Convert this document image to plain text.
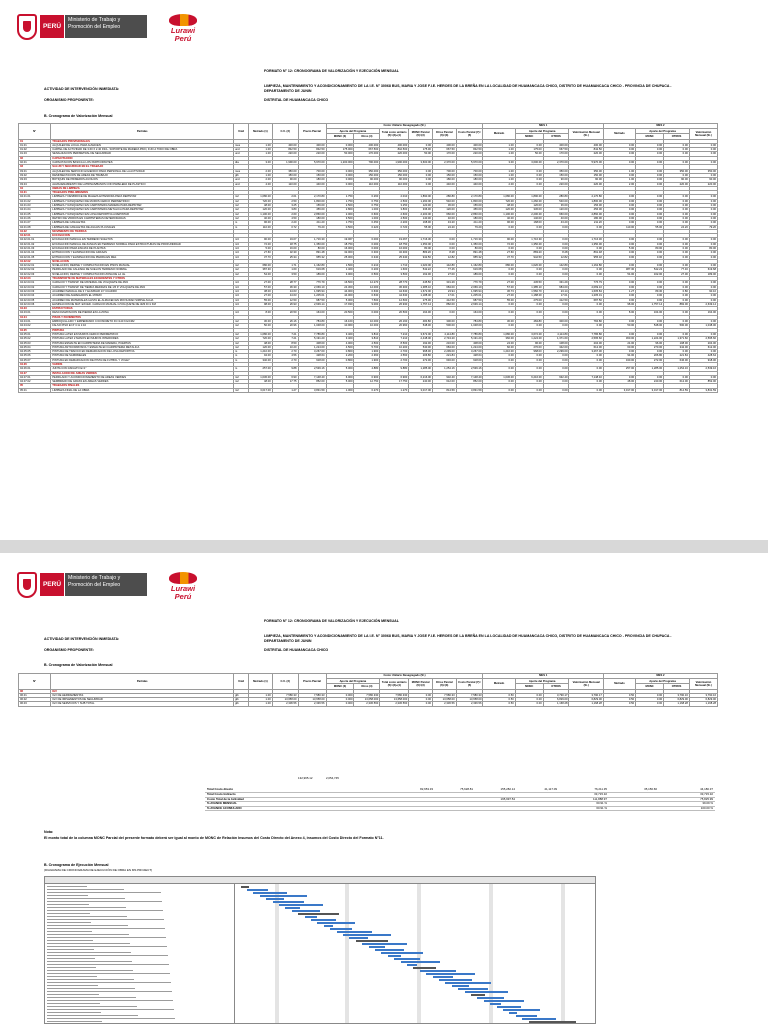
PERÚ
Ministerio de Trabajo y Promoción del Empleo	Lurawi
Perú
FORMATO N° 12: CRONOGRAMA DE VALORIZACIÓN Y EJECUCIÓN MENSUAL
ACTIVIDAD DE INTERVENCIÓN INMEDIATA:
LIMPIEZA, MANTENIMIENTO Y ACONDICIONAMIENTO DE LA I.E. N° 30068 BUS, MARIA Y JOSE F.I.E. HEROES DE LA BREÑA EN LA LOCALIDAD DE HUAMANCACA CHICO, DISTRITO DE HUAMANCACA CHICO - PROVINCIA DE CHUPACA - DEPARTAMENTO DE JUNIN
ORGANISMO PROPONENTE:	DISTRITAL DE HUAMANCACA CHICO
B. Cronograma de Valorización Mensual
N°	Partidas	Unid	Metrado (1)	C.U. (2)	Precio Parcial	Costo Unitario Desagregado (S/.)						MES 1				MES 2			
						Aporte del Programa		Total costo unitario (5)=(3)+(4)	MONC Parcial (6)=(3)	Otros Parcial (6)=(3)	Costo Parcial (7)=(5)	Metrado	Aporte del Programa		Valorización Mensual (S/.)	Metrado	Aporte del Programa		Valorización Mensual (S/.)
						MONC (3)	Otros (4)						MONC	OTROS			MONC	OTROS	
01	TRABAJOS PROVISIONALES																		
01.01	ALQUILER DE LOCAL PARA ALMACEN	mes	1.00	400.00	400.00	0.000	400.000	400.000	0.00	400.00	400.00	1.00	0.00	400.00	400.00	0.00	0.00	0.00	0.00
01.02	CARTEL DE ACTIVIDAD DE 3.60 X 2.40 INCL. SOPORTE DE MADERA PINO, FIJO A TODO DE OBRA	und	1.00	842.50	842.50	175.000	667.500	842.500	175.00	667.50	842.50	1.00	175.00	667.50	842.50	0.00	0.00	0.00	0.00
01.03	SEÑALIZACIÓN PERIMETRAL DE SEGURIDAD	und	1.00	220.00	220.00	50.000	170.000	220.000	50.00	170.00	220.00	1.00	50.00	170.00	220.00	0.00	0.00	0.00	0.00
02	CAPACITACIÓN																		
02.01	CAPACITACIÓN BÁSICA A LOS PARTICIPANTES	día	3.00	1,990.00	5,970.00	1,200.000	790.000	1,990.000	3,600.00	2,370.00	5,970.00	3.00	3,600.00	2,370.00	5,970.00	0.00	0.00	0.00	0.00
03	SALUD Y SEGURIDAD EN EL TRABAJO																		
03.01	ALQUILER DE SERVICIO HIGIENICO PARA PERSONAL DE LA ACTIVIDAD	mes	2.00	350.00	700.00	0.000	350.000	350.000	0.00	700.00	700.00	1.00	0.00	350.00	350.00	1.00	0.00	350.00	350.00
03.02	DESINSECTACIÓN DE ÁREAS DE TRABAJO	glb	1.00	150.00	150.00	0.000	150.000	150.000	0.00	150.00	150.00	1.00	0.00	150.00	150.00	0.00	0.00	0.00	0.00
03.03	BOTIQUÍN DE PRIMEROS AUXILIOS	und	2.00	90.00	180.00	0.000	90.000	90.000	0.00	180.00	180.00	1.00	0.00	90.00	90.00	1.00	0.00	90.00	90.00
03.04	ALMACENAMIENTO DE LATRINAS/BAÑOS CON PAPELERA DE PLÁSTICO	und	4.00	110.00	440.00	0.000	110.000	110.000	0.00	440.00	440.00	2.00	0.00	220.00	220.00	2.00	0.00	220.00	220.00
04	OBRAS DE LIMPIEZA																		
04.01	TRABAJOS PRELIMINARES																		
04.01.01	LIMPIEZA Y DESBROCE DE MALEZA EXTENDIDA PARA REPINTAR	m2	1,080.00	2.01	2,170.80	1.750	0.260	2.010	1,890.00	280.80	2,170.80	1,080.00	1,890.00	280.80	2,170.80	0.00	0.00	0.00	0.00
04.01.02	LIMPIEZA Y RASQUETEO DE MUROS CERCO PERIMETRICO	m2	720.00	2.50	1,800.00	1.750	0.750	2.500	1,260.00	540.00	1,800.00	720.00	1,260.00	540.00	1,800.00	0.00	0.00	0.00	0.00
04.01.03	LIMPIEZA Y RASQUETEO EN CARPINTERÍA MADERA PARA REPINTAR	m2	48.00	3.25	156.00	2.500	0.750	3.250	120.00	36.00	156.00	48.00	120.00	36.00	156.00	0.00	0.00	0.00	0.00
04.01.04	LIMPIEZA Y RASQUETEO EN CARPINTERÍA METÁLICA PARA REPINTAR	m2	120.00	3.80	456.00	2.800	1.000	3.800	336.00	120.00	456.00	120.00	336.00	120.00	456.00	0.00	0.00	0.00	0.00
04.01.05	LIMPIEZA Y RASQUETEO EN LOSA DEPORTIVA A REPINTAR	m2	1,100.00	2.60	2,860.00	2.000	0.600	2.600	2,200.00	660.00	2,860.00	1,100.00	2,200.00	660.00	2,860.00	0.00	0.00	0.00	0.00
04.01.06	RETIRO DE VIDRIOS EN CARPINTERÍAS DETERIORADAS	m2	40.00	4.50	180.00	3.500	1.000	4.500	140.00	40.00	180.00	40.00	140.00	40.00	180.00	0.00	0.00	0.00	0.00
04.01.07	LIMPIEZA DE CANALETAS	m	96.00	2.20	211.20	1.750	0.450	2.200	168.00	43.20	211.20	96.00	168.00	43.20	211.20	0.00	0.00	0.00	0.00
04.01.08	LIMPIEZA DE CANALETAS DE AGUAS PLUVIALES	m	110.00	0.72	79.20	0.500	0.220	0.720	55.00	24.20	79.20	0.00	0.00	0.00	0.00	110.00	55.00	24.20	79.20
04.02	MOVIMIENTO DE TIERRAS																		
04.02.01	EXCAVACIÓN																		
04.02.01.01	EXCAVACIÓN MANUAL EN TERRENO SUELTOS	m3	90.00	19.07	1,716.30	19.067	0.000	19.067	1,716.30	0.00	1,716.30	90.00	1,716.30	0.00	1,716.30	0.00	0.00	0.00	0.00
04.02.01.02	EXCAVACIÓN MANUAL DE ZANJAS EN TERRENO NORMAL PARA ESTRUCTURAS DE PROFUNDIDAD	m3	72.00	18.75	1,350.00	18.750	0.000	18.750	1,350.00	0.00	1,350.00	72.00	1,350.00	0.00	1,350.00	0.00	0.00	0.00	0.00
04.02.01.03	EXCAVACIÓN PARA ZANJAS DE PLANTAS	m3	5.00	16.00	80.00	16.000	0.000	16.000	80.00	0.00	80.00	0.00	0.00	0.00	0.00	5.00	80.00	0.00	80.00
04.02.01.04	EXTRACCIÓN Y ELIMINACIÓN DE GRASAS	m3	27.60	32.30	891.48	32.000	0.300	32.300	883.20	8.28	891.48	27.60	883.20	8.28	891.48	0.00	0.00	0.00	0.00
04.02.01.05	EXTRACCIÓN Y ELIMINACIÓN DE PIEDRA EN MEJ.	m3	37.70	25.34	955.32	25.000	0.340	25.340	942.50	12.82	955.32	37.70	942.50	12.82	955.32	0.00	0.00	0.00	0.00
04.02.02	NIVELACIÓN																		
04.02.02.01	NIVELACIÓN, REFINE Y COMPACTACIÓN EN PISOS MANUAL	m2	680.00	1.71	1,162.80	1.500	0.210	1.710	1,020.00	142.80	1,162.80	680.00	1,020.00	142.80	1,162.80	0.00	0.00	0.00	0.00
04.02.02.02	PERFILADO DE CALZADA DE SUELOS TERRENO NORMAL	m2	387.30	1.60	619.68	1.400	0.200	1.600	542.22	77.46	619.68	0.00	0.00	0.00	0.00	387.30	542.22	77.46	619.68
04.02.02.03	NIVELACIÓN, REFINE Y COMPACTACIÓN ZONA DE LA I.E.	m2	54.00	3.50	189.00	3.000	0.500	3.500	162.00	27.00	189.00	0.00	0.00	0.00	0.00	54.00	162.00	27.00	189.00
04.02.03	TRANSPORTE DE MATERIALES EXCEDENTES Y OTROS																		
04.02.03.01	CARGUÍO Y TRANSP. DE MATERIAL DE VOLQUETE DE 4M3	m3	27.00	28.77	776.79	16.500	12.270	28.770	445.50	331.29	776.79	27.00	445.50	331.29	776.79	0.00	0.00	0.00	0.00
04.02.03.02	CARGUÍO Y TRANSP. DE TIERRA MEDIDAS DE 1/5 P. VOLQUETE DE 4M3	m3	57.00	36.30	2,069.10	24.300	12.000	36.300	1,385.10	684.00	2,069.10	57.00	1,385.10	684.00	2,069.10	0.00	0.00	0.00	0.00
04.02.03.03	ACARREO MANUAL DE 3 Y ELIMINAR 1/7 CUADRO	m3	38.00	44.63	1,695.94	44.000	0.630	44.630	1,672.00	23.94	1,695.94	36.73	1,582.70	23.14	1,605.84	1.27	89.30	0.80	90.10
04.02.03.04	ACARREO DE AGREGADOS EL MISMO	m3	27.00	44.63	1,205.01	44.000	0.630	44.630	1,188.00	17.01	1,205.01	27.00	1,188.00	17.01	1,205.01	0.00	0.00	0.00	0.00
04.02.03.05	ACARREO DE MATERIALES HASTA EL ALMACÉN EN MOVILIDAD SIMPLE AGUA	m3	55.00	12.50	687.50	5.000	7.500	12.500	275.00	412.50	687.50	55.00	275.00	412.50	687.50	0.00	0.00	0.00	0.00
04.02.03.06	ELIMINACIÓN DE MAT. EXCED. CARGUÍO MANUAL C/VOLQUETE DE 4M3 D=1 KM	m3	98.00	26.93	2,639.14	17.930	9.000	26.930	1,757.14	882.00	2,639.14	0.00	0.00	0.00	0.00	98.00	1,757.14	882.00	2,639.14
04.03	ESTRUCTURAS																		
04.03.01	DESCOLMATACIÓN DE PIEDRA EN LA ZONA	m3	8.00	20.50	164.00	20.500	0.000	20.500	164.00	0.00	164.00	0.00	0.00	0.00	0.00	8.00	164.00	0.00	164.00
04.04	PISOS Y PAVIMENTOS																		
04.04.01	EMBOQUILLADO Y EMPEDRADO C/CONCRETO FC=140 KG/CM2	m2	30.00	26.16	784.80	16.160	10.000	26.160	484.80	300.00	784.80	30.00	484.80	300.00	784.80	0.00	0.00	0.00	0.00
04.04.02	FALSO PISO E=4" C:H 1:10	m2	50.00	20.96	1,048.00	10.960	10.000	20.960	548.00	500.00	1,048.00	0.00	0.00	0.00	0.00	50.00	548.00	500.00	1,048.00
04.05	PINTURA																		
04.05.01	PINTURA LÁTEX EN MUROS CERCO PERIMETRICO	m2	1,080.00	7.21	7,786.80	3.400	3.810	7.210	3,672.00	4,114.80	7,786.80	1,080.00	3,672.00	4,114.80	7,786.80	0.00	0.00	0.00	0.00
04.05.02	PINTURA LÁTEX 2 MANOS EN MUROS INTERIORES	m2	720.00	7.21	5,191.20	3.400	3.810	7.210	2,448.00	2,743.20	5,191.20	360.00	1,224.00	1,371.60	2,595.60	360.00	1,224.00	1,371.60	2,595.60
04.05.03	PINTURA ESMALTE EN CARPINTERÍA DE MADERA, PUERTAS	m2	48.00	8.50	408.00	4.000	4.500	8.500	192.00	216.00	408.00	24.00	96.00	108.00	204.00	24.00	96.00	108.00	204.00
04.05.04	PINTURA ANTICORROSIVA Y ESMALTE EN CARPINTERÍA METÁLICA	m2	120.00	10.20	1,224.00	4.500	5.700	10.200	540.00	684.00	1,224.00	60.00	270.00	342.00	612.00	60.00	270.00	342.00	612.00
04.05.05	PINTURA DE TRÁFICO EN DEMARCACIÓN DE LOSA DEPORTIVA	m	1,210.00	2.70	3,267.00	0.800	1.900	2.700	968.00	2,299.00	3,267.00	1,210.00	968.00	2,299.00	3,267.00	0.00	0.00	0.00	0.00
04.05.06	PINTURA DE SARDINELES	m	94.00	4.56	428.64	2.200	2.360	4.560	206.80	221.84	428.64	0.00	0.00	0.00	0.00	94.00	206.80	221.84	428.64
04.05.07	PINTURA EN DEMARCACIÓN DE PISTA DE FÚTBOL Y VÓLEY	m	340.00	2.70	918.00	0.800	1.900	2.700	272.00	646.00	918.00	0.00	0.00	0.00	0.00	340.00	272.00	646.00	918.00
04.06	VARIOS																		
04.06.01	JUNTA CON ASFALTO E=1"	m	257.00	9.88	2,539.16	5.000	4.880	9.880	1,285.00	1,254.16	2,539.16	0.00	0.00	0.00	0.00	257.00	1,285.00	1,254.16	2,539.16
04.07	INSTALACIÓN DE ÁREAS VERDES																		
04.07.01	PERFILADO Y ACONDICIONAMIENTO DE ÁREAS VERDES	m2	1,036.00	6.90	7,148.40	6.000	0.900	6.900	6,216.00	932.40	7,148.40	1,036.00	6,216.00	932.40	7,148.40	0.00	0.00	0.00	0.00
04.07.02	SEMBRADO DE GRASS EN ÁREAS VERDES	m2	48.00	17.75	852.00	5.000	12.750	17.750	240.00	612.00	852.00	0.00	0.00	0.00	0.00	48.00	240.00	612.00	852.00
05	TRABAJOS FINALES																		
05.01	LIMPIEZA FINAL DE LA OBRA	m2	3,017.00	1.27	3,831.59	1.000	0.270	1.270	3,017.00	814.59	3,831.59	0.00	0.00	0.00	0.00	3,017.00	3,017.00	814.59	3,831.59
PERÚ
Ministerio de Trabajo y Promoción del Empleo	Lurawi
Perú
FORMATO N° 12: CRONOGRAMA DE VALORIZACIÓN Y EJECUCIÓN MENSUAL
ACTIVIDAD DE INTERVENCIÓN INMEDIATA:
LIMPIEZA, MANTENIMIENTO Y ACONDICIONAMIENTO DE LA I.E. N° 30068 BUS, MARIA Y JOSE F.I.E. HEROES DE LA BREÑA EN LA LOCALIDAD DE HUAMANCACA CHICO, DISTRITO DE HUAMANCACA CHICO - PROVINCIA DE CHUPACA - DEPARTAMENTO DE JUNIN
ORGANISMO PROPONENTE:	DISTRITAL DE HUAMANCACA CHICO
B. Cronograma de Valorización Mensual
N°	Partidas	Unid	Metrado (1)	C.U. (2)	Precio Parcial	Costo Unitario Desagregado (S/.)						MES 1				MES 2			
						Aporte del Programa		Total costo unitario (5)=(3)+(4)	MONC Parcial (6)=(3)	Otros Parcial (6)=(3)	Costo Parcial (7)=(5)	Metrado	Aporte del Programa		Valorización Mensual (S/.)	Metrado	Aporte del Programa		Valorización Mensual (S/.)
						MONC (3)	Otros (4)						MONC	OTROS			MONC	OTROS	
06	IGV																		
06.01	IGV DE HERRAMIENTAS	glb	1.00	7,580.33	7,580.33	0.000	7,580.330	7,580.330	0.00	7,580.33	7,580.33	0.50	0.00	3,790.17	3,790.17	0.50	0.00	3,790.16	3,790.16
06.02	IGV DE IMPLEMENTOS DE SEGURIDAD	glb	1.00	13,658.00	13,658.00	0.000	13,658.000	13,658.000	0.00	13,658.00	13,658.00	0.50	0.00	6,829.00	6,829.00	0.50	0.00	6,829.00	6,829.00
06.03	IGV DE SERVICIOS Y SUB TOTAL	glb	1.00	2,336.56	2,336.56	0.000	2,336.560	2,336.560	0.00	2,336.56	2,336.56	0.50	0.00	1,168.28	1,168.28	0.50	0.00	1,168.28	1,168.28
132,965.12	2,054,745
Total Costo directo	82,653.33	75,628.81	155,282.14	41,117.09	76,211.35	35,156.66	44,180.37
Total Costo Indirecto					33,715.32		33,715.32
Costo Total de la Actividad			195,997.54		111,888.97		75,825.99
% AVANCE MENSUAL					60.91 %		39.09 %
% AVANCE ACUMULADO					60.91 %		100.00 %
Nota:
El monto total de la columna MONC Parcial del presente formato deberá ser igual al monto de MONC de Relación Insumos del Costo Directo del Anexo 4, insumos del Costo Directo del Formato N°11.
B. Cronograma de Ejecución Mensual
(DIAGRAMA DE CRONOGRAMA DE EJECUCIÓN DE OBRA EN MS PROJECT)
